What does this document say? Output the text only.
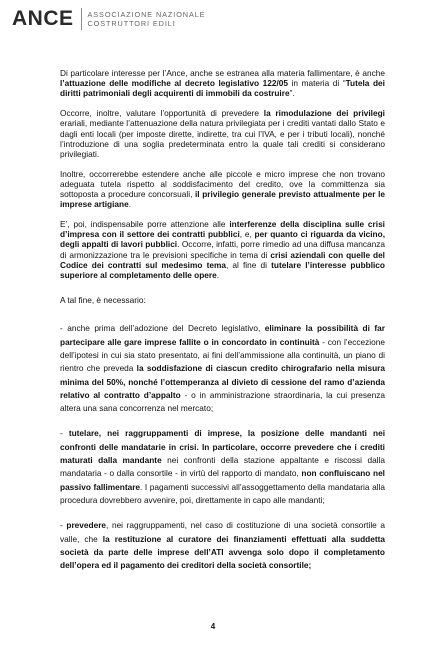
ANCE ASSOCIAZIONE NAZIONALE
COSTRUTTORI EDILI

Di particolare interesse per l’Ance, anche se estranea alla materia fallimentare, è anche l’attuazione delle modifiche al decreto legislativo 122/05 in materia di “Tutela dei diritti patrimoniali degli acquirenti di immobili da costruire”.

Occorre, inoltre, valutare l’opportunità di prevedere la rimodulazione dei privilegi erariali, mediante l’attenuazione della natura privilegiata per i crediti vantati dallo Stato e dagli enti locali (per imposte dirette, indirette, tra cui l’IVA, e per i tributi locali), nonché l’introduzione di una soglia predeterminata entro la quale tali crediti si considerano privilegiati.

Inoltre, occorrerebbe estendere anche alle piccole e micro imprese che non trovano adeguata tutela rispetto al soddisfacimento del credito, ove la committenza sia sottoposta a procedure concorsuali, il privilegio generale previsto attualmente per le imprese artigiane.

E’, poi, indispensabile porre attenzione alle interferenze della disciplina sulle crisi d’impresa con il settore dei contratti pubblici, e, per quanto ci riguarda da vicino, degli appalti di lavori pubblici. Occorre, infatti, porre rimedio ad una diffusa mancanza di armonizzazione tra le previsioni specifiche in tema di crisi aziendali con quelle del Codice dei contratti sul medesimo tema, al fine di tutelare l’interesse pubblico superiore al completamento delle opere.

A tal fine, è necessario:

- anche prima dell’adozione del Decreto legislativo, eliminare la possibilità di far partecipare alle gare imprese fallite o in concordato in continuità - con l’eccezione dell’ipotesi in cui sia stato presentato, ai fini dell’ammissione alla continuità, un piano di rientro che preveda la soddisfazione di ciascun credito chirografario nella misura minima del 50%, nonché l’ottemperanza al divieto di cessione del ramo d’azienda relativo al contratto d’appalto - o in amministrazione straordinaria, la cui presenza altera una sana concorrenza nel mercato;

- tutelare, nei raggruppamenti di imprese, la posizione delle mandanti nei confronti delle mandatarie in crisi. In particolare, occorre prevedere che i crediti maturati dalla mandante nei confronti della stazione appaltante e riscossi dalla mandataria - o dalla consortile - in virtù del rapporto di mandato, non confluiscano nel passivo fallimentare. I pagamenti successivi all’assoggettamento della mandataria alla procedura dovrebbero avvenire, poi, direttamente in capo alle mandanti;

- prevedere, nei raggruppamenti, nel caso di costituzione di una società consortile a valle, che la restituzione al curatore dei finanziamenti effettuati alla suddetta società da parte delle imprese dell’ATI avvenga solo dopo il completamento dell’opera ed il pagamento dei creditori della società consortile;

4
